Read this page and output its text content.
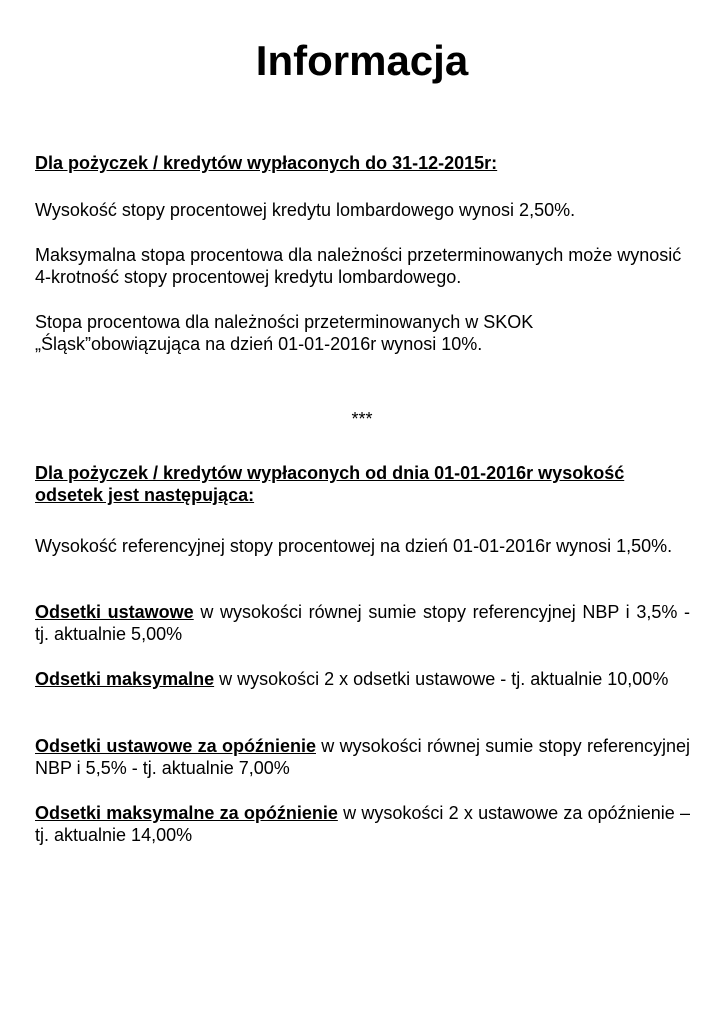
Informacja
Dla pożyczek / kredytów wypłaconych do 31-12-2015r:
Wysokość stopy procentowej kredytu lombardowego wynosi 2,50%.
Maksymalna stopa procentowa dla należności przeterminowanych może wynosić 4-krotność stopy procentowej kredytu lombardowego.
Stopa procentowa dla należności przeterminowanych w SKOK „Śląsk”obowiązująca na dzień 01-01-2016r wynosi 10%.
***
Dla pożyczek / kredytów wypłaconych od dnia 01-01-2016r wysokość odsetek jest następująca:
Wysokość referencyjnej stopy procentowej na dzień 01-01-2016r wynosi 1,50%.
Odsetki ustawowe w wysokości równej sumie stopy referencyjnej NBP i 3,5% - tj. aktualnie 5,00%
Odsetki maksymalne w wysokości 2 x odsetki ustawowe - tj. aktualnie 10,00%
Odsetki ustawowe za opóźnienie w wysokości równej sumie stopy referencyjnej NBP i 5,5% - tj. aktualnie 7,00%
Odsetki maksymalne za opóźnienie w wysokości 2 x ustawowe za opóźnienie – tj. aktualnie 14,00%
